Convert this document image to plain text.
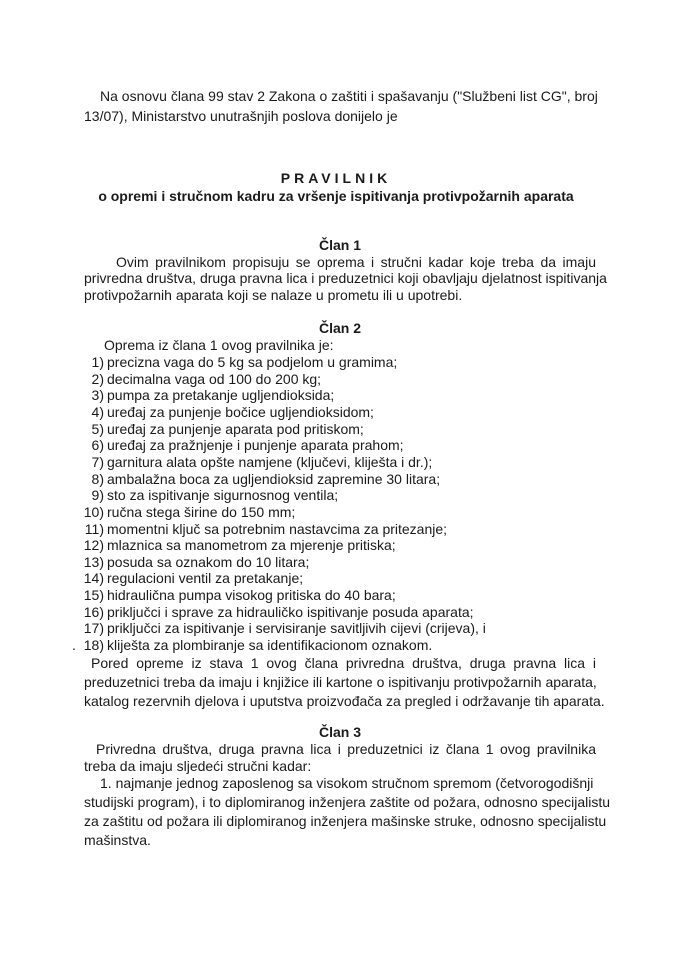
Na osnovu člana 99 stav 2 Zakona o zaštiti i spašavanju ("Službeni list CG", broj
13/07), Ministarstvo unutrašnjih poslova donijelo je
PRAVILNIK
o opremi i stručnom kadru za vršenje ispitivanja protivpožarnih aparata
Član 1
Ovim pravilnikom propisuju se oprema i stručni kadar koje treba da imaju
privredna društva, druga pravna lica i preduzetnici koji obavljaju djelatnost ispitivanja
protivpožarnih aparata koji se nalaze u prometu ili u upotrebi.
Član 2
Oprema iz člana 1 ovog pravilnika je:
1) precizna vaga do 5 kg sa podjelom u gramima;
2) decimalna vaga od 100 do 200 kg;
3) pumpa za pretakanje ugljendioksida;
4) uređaj za punjenje bočice ugljendioksidom;
5) uređaj za punjenje aparata pod pritiskom;
6) uređaj za pražnjenje i punjenje aparata prahom;
7) garnitura alata opšte namjene (ključevi, kliješta i dr.);
8) ambalažna boca za ugljendioksid zapremine 30 litara;
9) sto za ispitivanje sigurnosnog ventila;
10) ručna stega širine do 150 mm;
11) momentni ključ sa potrebnim nastavcima za pritezanje;
12) mlaznica sa manometrom za mjerenje pritiska;
13) posuda sa oznakom do 10 litara;
14) regulacioni ventil za pretakanje;
15) hidraulična pumpa visokog pritiska do 40 bara;
16) priključci i sprave za hidrauličko ispitivanje posuda aparata;
17) priključci za ispitivanje i servisiranje savitljivih cijevi (crijeva), i
18) kliješta za plombiranje sa identifikacionom oznakom.
.
Pored opreme iz stava 1 ovog člana privredna društva, druga pravna lica i
preduzetnici treba da imaju i knjižice ili kartone o ispitivanju protivpožarnih aparata,
katalog rezervnih djelova i uputstva proizvođača za pregled i održavanje tih aparata.
Član 3
Privredna društva, druga pravna lica i preduzetnici iz člana 1 ovog pravilnika
treba da imaju sljedeći stručni kadar:
1. najmanje jednog zaposlenog sa visokom stručnom spremom (četvorogodišnji
studijski program), i to diplomiranog inženjera zaštite od požara, odnosno specijalistu
za zaštitu od požara ili diplomiranog inženjera mašinske struke, odnosno specijalistu
mašinstva.
